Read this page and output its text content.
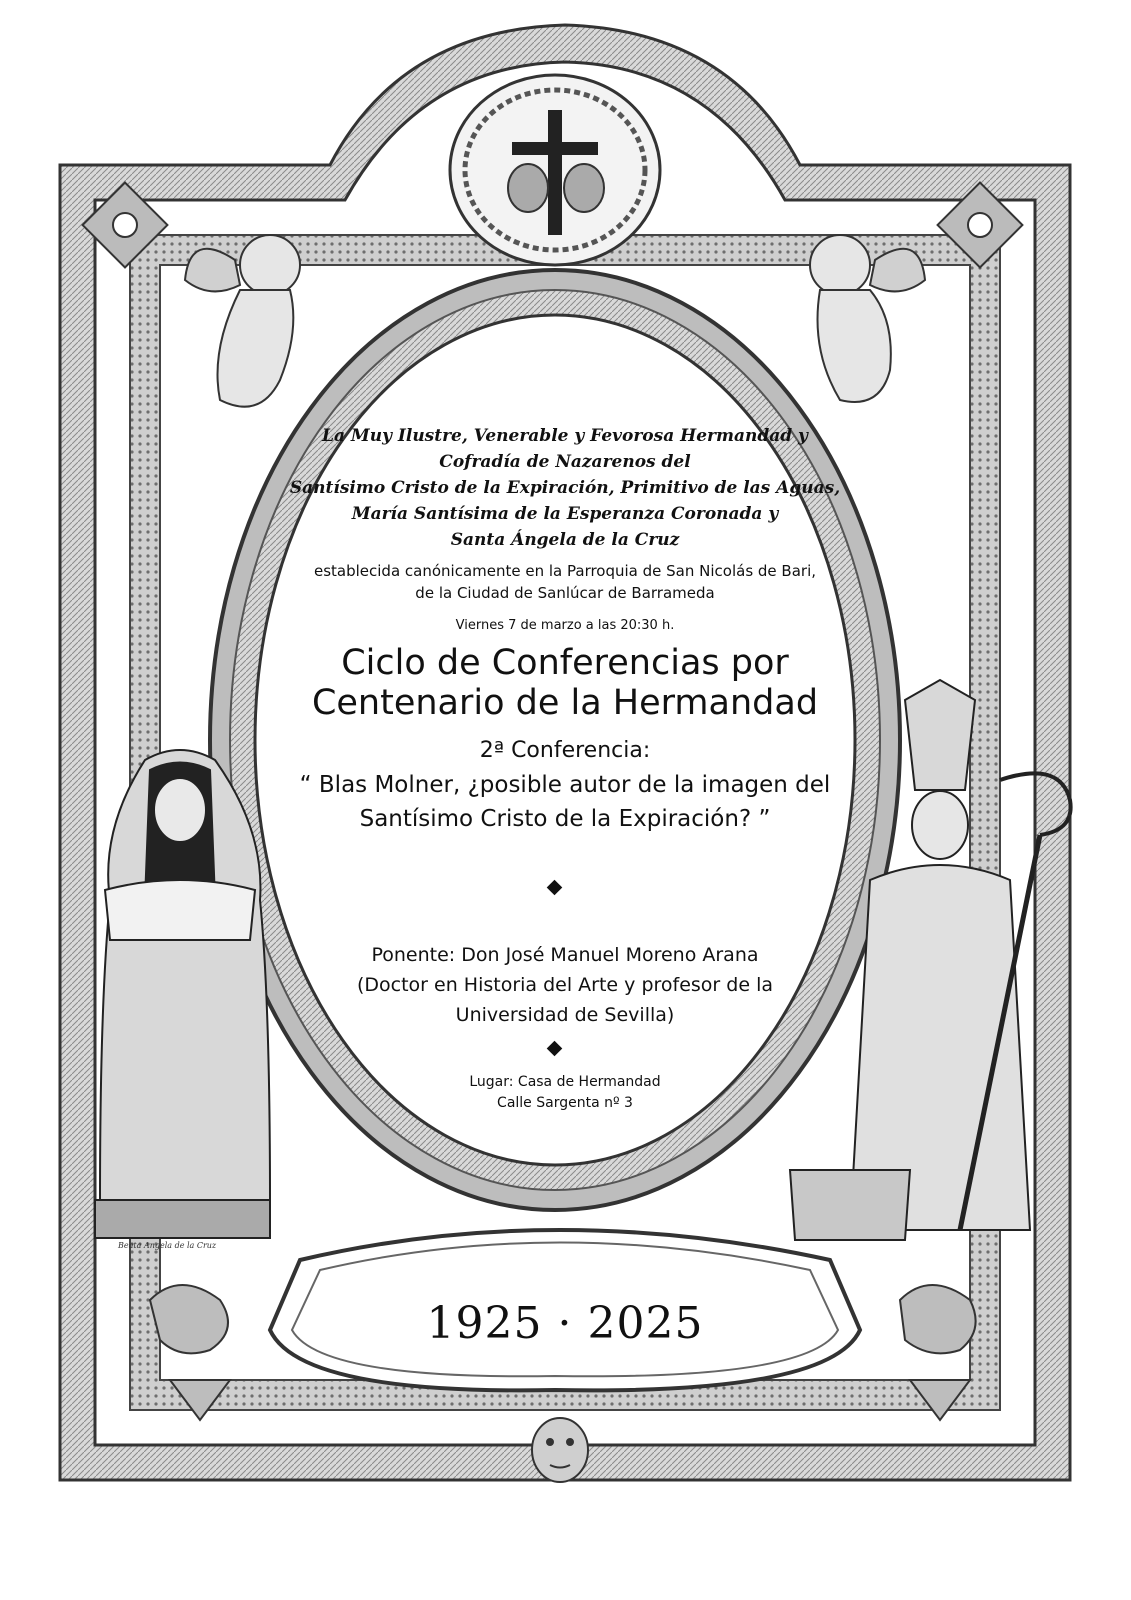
La Muy Ilustre, Venerable y Fevorosa Hermandad y
Cofradía de Nazarenos del
Santísimo Cristo de la Expiración, Primitivo de las Aguas,
María Santísima de la Esperanza Coronada y
Santa Ángela de la Cruz
establecida canónicamente en la Parroquia de San Nicolás de Bari,
de la Ciudad de Sanlúcar de Barrameda
Viernes 7 de marzo a las 20:30 h.
Ciclo de Conferencias por
Centenario de la Hermandad
2ª Conferencia:
“ Blas Molner, ¿posible autor de la imagen del
Santísimo Cristo de la Expiración? ”
Ponente: Don José Manuel Moreno Arana
(Doctor en Historia del Arte y profesor de la
Universidad de Sevilla)
Lugar: Casa de Hermandad
Calle Sargenta nº 3
1925 · 2025
Beata Angela de la Cruz
